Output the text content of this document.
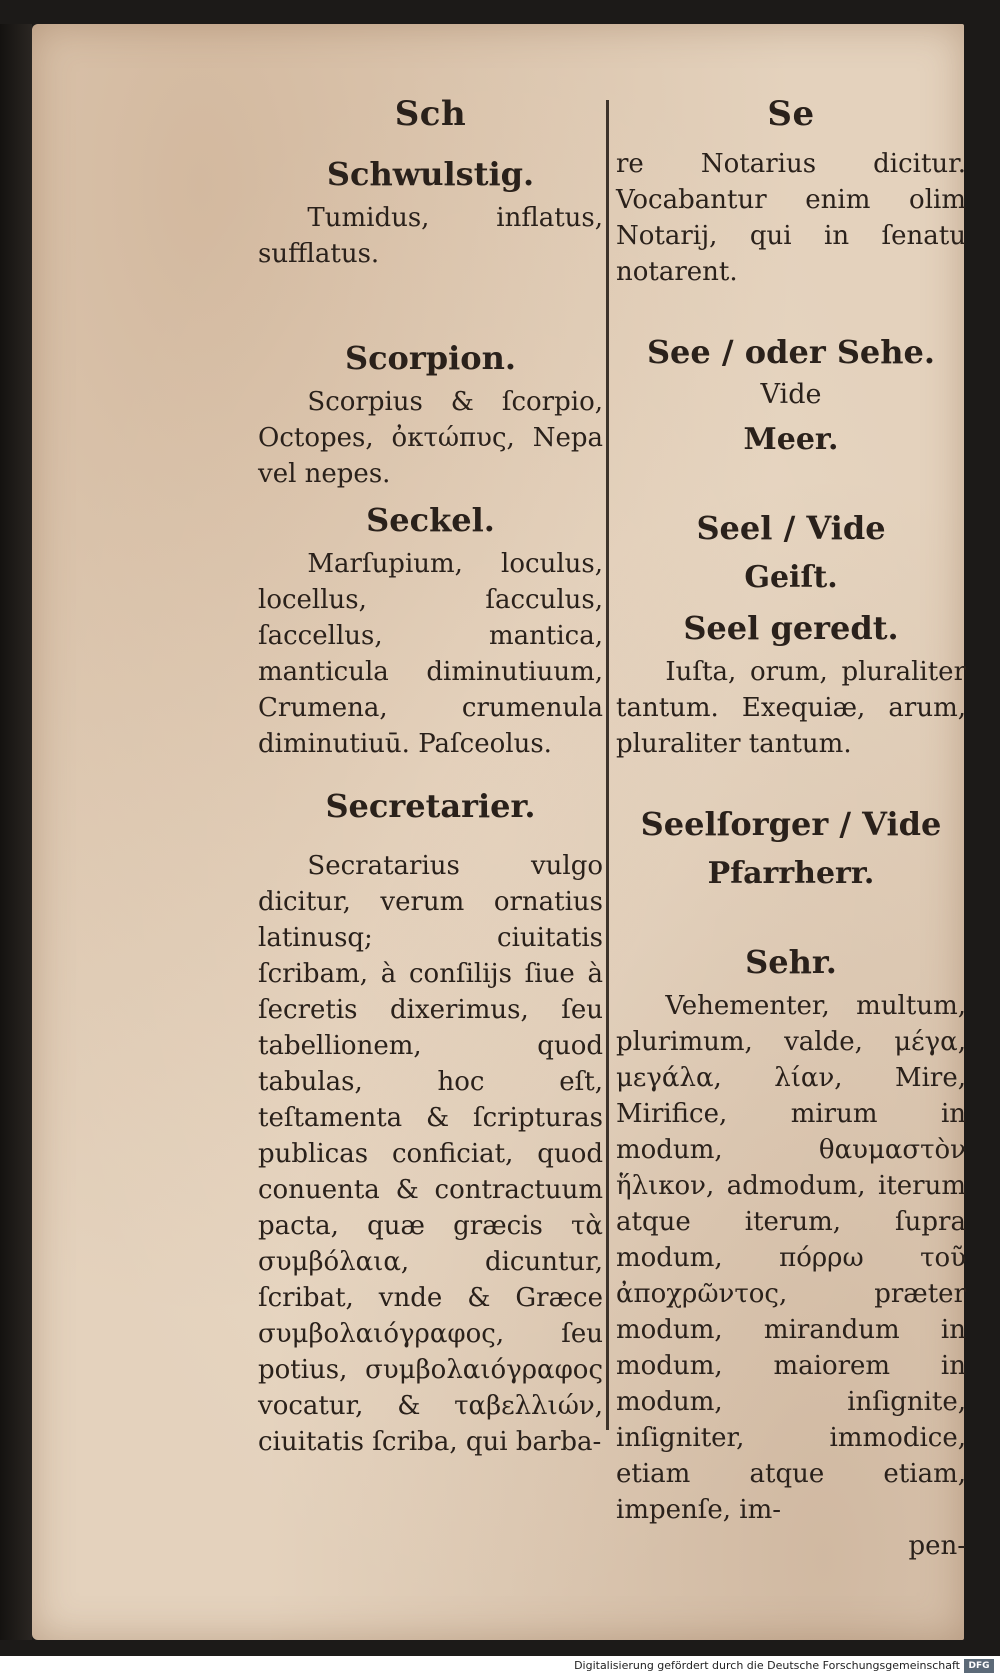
Sch
Schwulstig.

Tumidus, inflatus, sufflatus.

Scorpion.

Scorpius & ſcorpio, Octopes, ὀκτώπυς, Nepa vel nepes.

Seckel.

Marſupium, loculus, locellus, ſacculus, ſaccellus, mantica, manticula diminutiuum, Crumena, crumenula diminutiuū. Paſceolus.

Secretarier.

Secratarius vulgo dicitur, verum ornatius latinusq; ciuitatis ſcribam, à conſilijs ſiue à ſecretis dixerimus, ſeu tabellionem, quod tabulas, hoc eſt, teſtamenta & ſcripturas publicas conficiat, quod conuenta & contractuum pacta, quæ græcis τὰ συμβόλαια, dicuntur, ſcribat, vnde & Græce συμβολαιόγραφος, ſeu potius, συμβολαιόγραφος vocatur, & ταβελλιών, ciuitatis ſcriba, qui barba-

Se

re Notarius dicitur. Vocabantur enim olim Notarij, qui in ſenatu notarent.

See / oder Sehe.
Vide
Meer.
Seel / Vide
Geiſt.
Seel geredt.

Iuſta, orum, pluraliter tantum. Exequiæ, arum, pluraliter tantum.

Seelſorger / Vide
Pfarrherr.
Sehr.

Vehementer, multum, plurimum, valde, μέγα, μεγάλα, λίαν, Mire, Mirifice, mirum in modum, θαυμαστὸν ἥλικον, admodum, iterum atque iterum, ſupra modum, πόρρω τοῦ ἀποχρῶντος, præter modum, mirandum in modum, maiorem in modum, inſignite, inſigniter, immodice, etiam atque etiam, impenſe, im-

pen-
Digitalisierung gefördert durch die Deutsche Forschungsgemeinschaft DFG
